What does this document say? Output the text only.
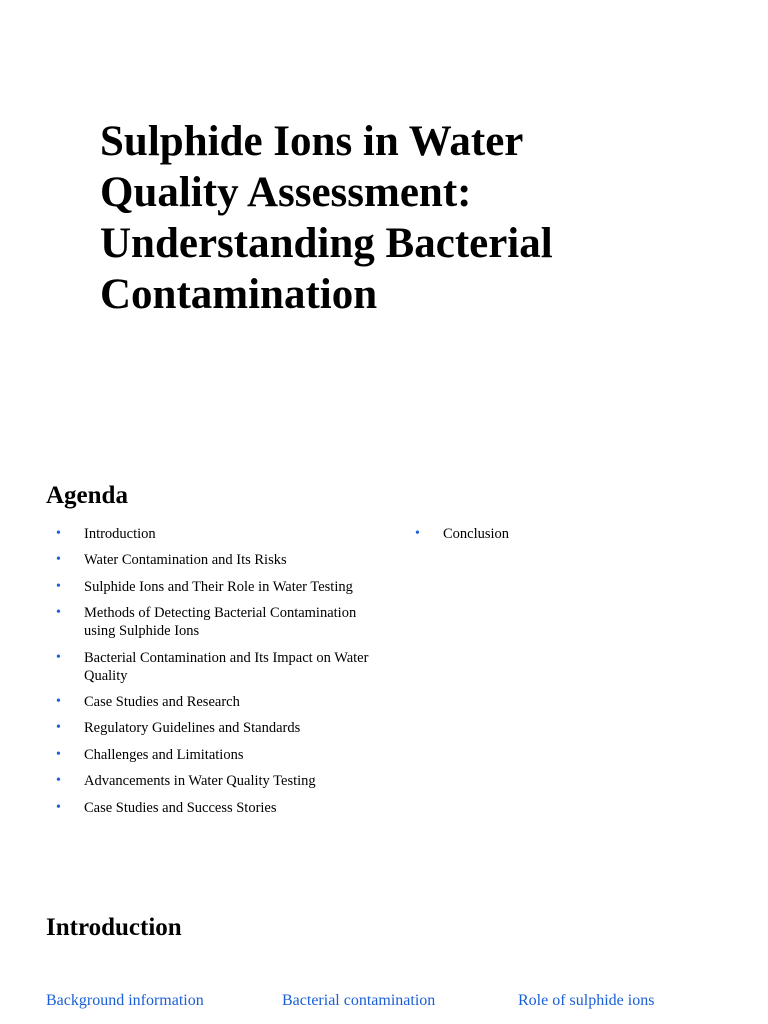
Sulphide Ions in Water Quality Assessment: Understanding Bacterial Contamination
Agenda
• Introduction
• Water Contamination and Its Risks
• Sulphide Ions and Their Role in Water Testing
• Methods of Detecting Bacterial Contamination using Sulphide Ions
• Bacterial Contamination and Its Impact on Water Quality
• Case Studies and Research
• Regulatory Guidelines and Standards
• Challenges and Limitations
• Advancements in Water Quality Testing
• Case Studies and Success Stories
• Conclusion
Introduction
Background information	Bacterial contamination	Role of sulphide ions
